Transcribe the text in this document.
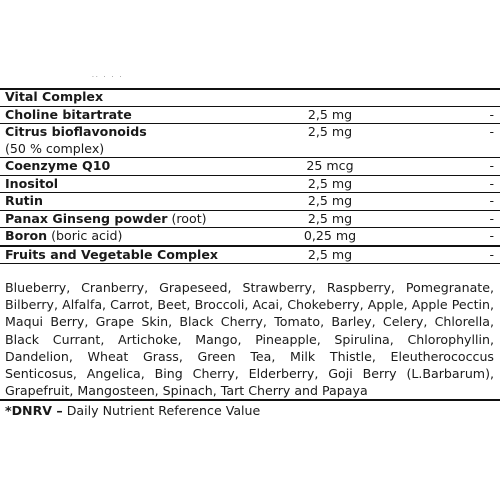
.. . . .
Vital Complex		
Choline bitartrate	2,5 mg	-

Citrus bioflavonoids
(50 % complex)	2,5 mg	-
Coenzyme Q10	25 mcg	-
Inositol	2,5 mg	-
Rutin	2,5 mg	-
Panax Ginseng powder (root)	2,5 mg	-
Boron (boric acid)	0,25 mg	-
Fruits and Vegetable Complex	2,5 mg	-

Blueberry, Cranberry, Grapeseed, Strawberry, Raspberry, Pomegranate, Bilberry, Alfalfa, Carrot, Beet, Broccoli, Acai, Chokeberry, Apple, Apple Pectin, Maqui Berry, Grape Skin, Black Cherry, Tomato, Barley, Celery, Chlorella, Black Currant, Artichoke, Mango, Pineapple, Spirulina, Chlorophyllin, Dandelion, Wheat Grass, Green Tea, Milk Thistle, Eleutherococcus Senticosus, Angelica, Bing Cherry, Elderberry, Goji Berry (L.Barbarum), Grapefruit, Mangosteen, Spinach, Tart Cherry and Papaya

*DNRV – Daily Nutrient Reference Value
